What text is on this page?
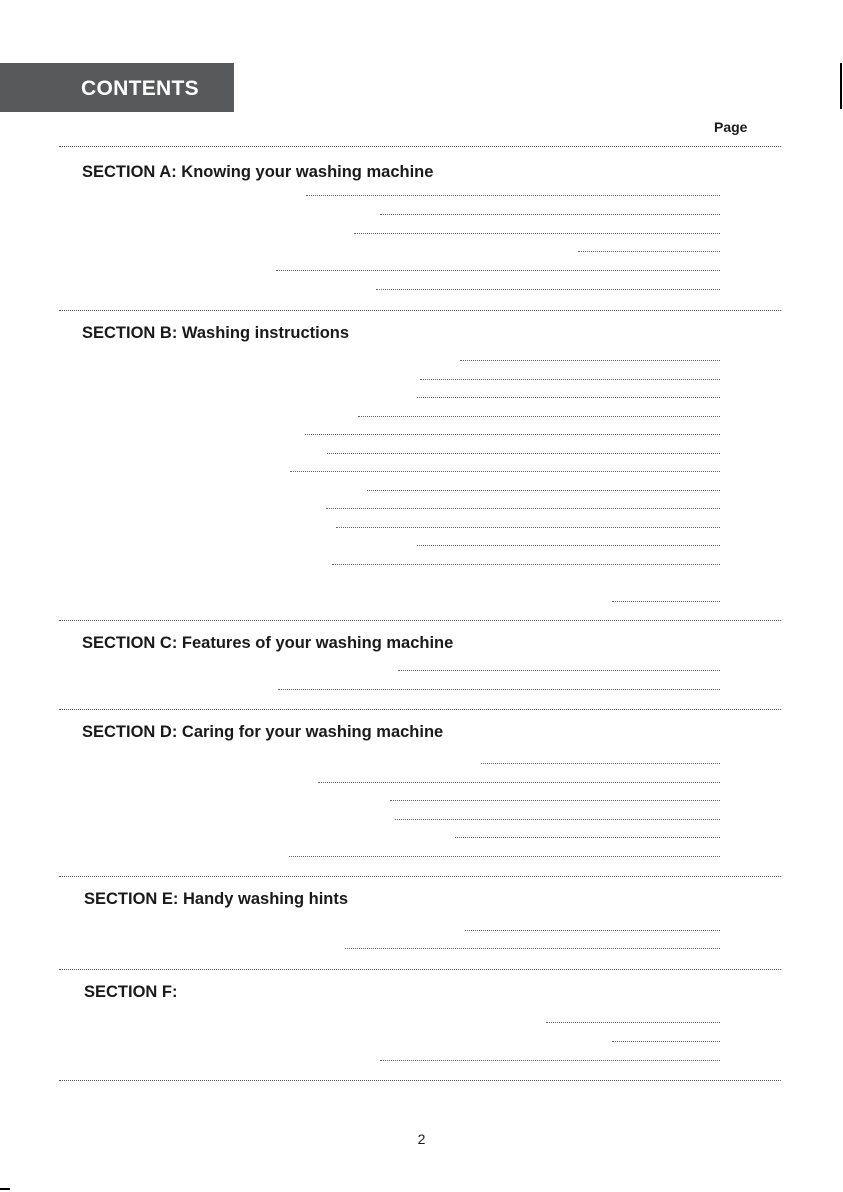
CONTENTS
Page
SECTION A: Knowing your washing machine
SECTION B: Washing instructions
SECTION C: Features of your washing machine
SECTION D: Caring for your washing machine
SECTION E: Handy washing hints
SECTION F:
2
